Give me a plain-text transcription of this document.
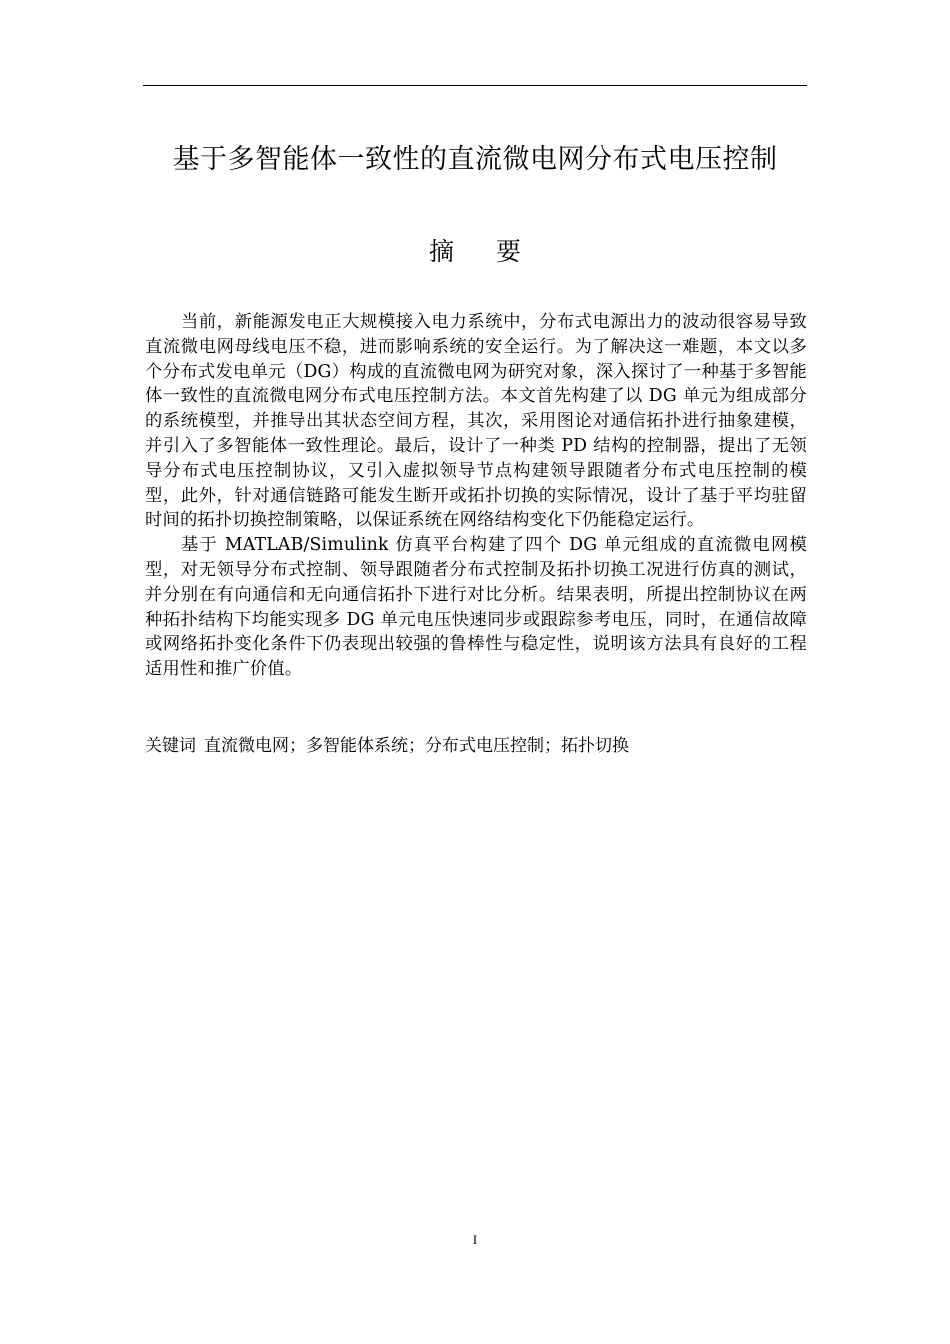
基于多智能体一致性的直流微电网分布式电压控制
摘 要

当前，新能源发电正大规模接入电力系统中，分布式电源出力的波动很容易导致直流微电网母线电压不稳，进而影响系统的安全运行。为了解决这一难题，本文以多个分布式发电单元（DG）构成的直流微电网为研究对象，深入探讨了一种基于多智能体一致性的直流微电网分布式电压控制方法。本文首先构建了以 DG 单元为组成部分的系统模型，并推导出其状态空间方程，其次，采用图论对通信拓扑进行抽象建模，并引入了多智能体一致性理论。最后，设计了一种类 PD 结构的控制器，提出了无领导分布式电压控制协议，又引入虚拟领导节点构建领导跟随者分布式电压控制的模型，此外，针对通信链路可能发生断开或拓扑切换的实际情况，设计了基于平均驻留时间的拓扑切换控制策略，以保证系统在网络结构变化下仍能稳定运行。

基于 MATLAB/Simulink 仿真平台构建了四个 DG 单元组成的直流微电网模型，对无领导分布式控制、领导跟随者分布式控制及拓扑切换工况进行仿真的测试，并分别在有向通信和无向通信拓扑下进行对比分析。结果表明，所提出控制协议在两种拓扑结构下均能实现多 DG 单元电压快速同步或跟踪参考电压，同时，在通信故障或网络拓扑变化条件下仍表现出较强的鲁棒性与稳定性，说明该方法具有良好的工程适用性和推广价值。

关键词 直流微电网；多智能体系统；分布式电压控制；拓扑切换
I
